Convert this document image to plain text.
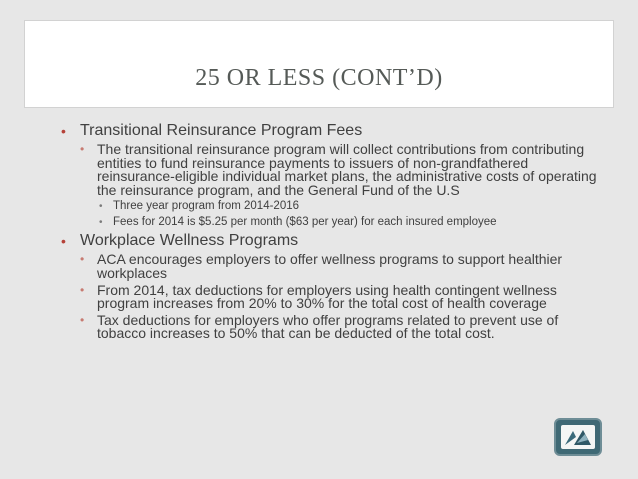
25 OR LESS (CONT’D)
• Transitional Reinsurance Program Fees
• The transitional reinsurance program will collect contributions from contributing entities to fund reinsurance payments to issuers of non-grandfathered reinsurance-eligible individual market plans, the administrative costs of operating the reinsurance program, and the General Fund of the U.S
• Three year program from 2014-2016
• Fees for 2014 is $5.25 per month ($63 per year) for each insured employee
• Workplace Wellness Programs
• ACA encourages employers to offer wellness programs to support healthier workplaces
• From 2014, tax deductions for employers using health contingent wellness program increases from 20% to 30% for the total cost of health coverage
• Tax deductions for employers who offer programs related to prevent use of tobacco increases to 50% that can be deducted of the total cost.
